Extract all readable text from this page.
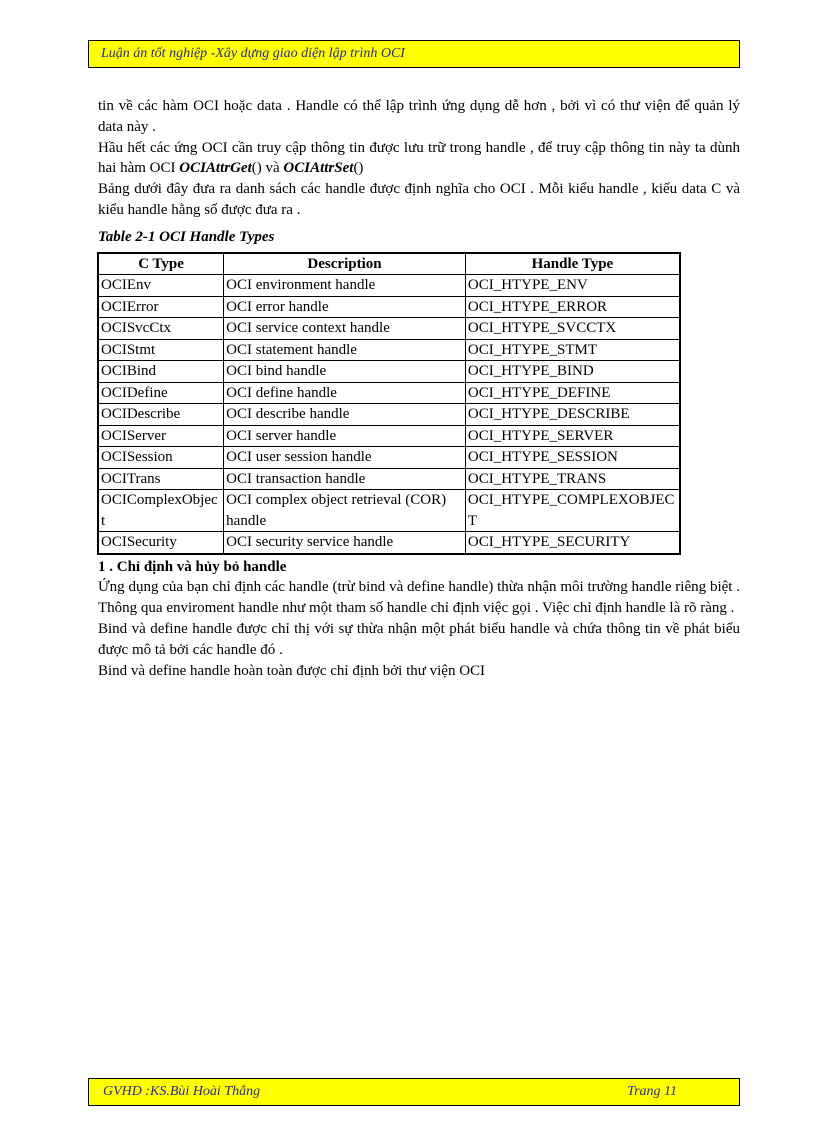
Luận án tốt nghiệp -Xây dựng giao diện lập trình OCI

tin về các hàm OCI hoặc data . Handle có thể lập trình ứng dụng dễ hơn , bởi vì có thư viện để quản lý data này .

Hầu hết các ứng OCI cần truy cập thông tin được lưu trữ trong handle , để truy cập thông tin này ta dùnh hai hàm OCI OCIAttrGet() và OCIAttrSet()

Bảng dưới đây đưa ra danh sách các handle được định nghĩa cho OCI . Mỗi kiểu handle , kiểu data C và kiểu handle hằng số được đưa ra .

Table 2-1 OCI Handle Types

C Type	Description	Handle Type
OCIEnv	OCI environment handle	OCI_HTYPE_ENV
OCIError	OCI error handle	OCI_HTYPE_ERROR
OCISvcCtx	OCI service context handle	OCI_HTYPE_SVCCTX
OCIStmt	OCI statement handle	OCI_HTYPE_STMT
OCIBind	OCI bind handle	OCI_HTYPE_BIND
OCIDefine	OCI define handle	OCI_HTYPE_DEFINE
OCIDescribe	OCI describe handle	OCI_HTYPE_DESCRIBE
OCIServer	OCI server handle	OCI_HTYPE_SERVER
OCISession	OCI user session handle	OCI_HTYPE_SESSION
OCITrans	OCI transaction handle	OCI_HTYPE_TRANS
OCIComplexObject	OCI complex object retrieval (COR) handle	OCI_HTYPE_COMPLEXOBJECT
OCISecurity	OCI security service handle	OCI_HTYPE_SECURITY

1 . Chỉ định và hủy bỏ handle

Ứng dụng của bạn chỉ định các handle (trừ bind và define handle) thừa nhận môi trường handle riêng biệt . Thông qua enviroment handle như một tham số handle chỉ định việc gọi . Việc chỉ định handle là rõ ràng .

Bind và define handle được chỉ thị với sự thừa nhận một phát biểu handle và chứa thông tin về phát biểu được mô tả bởi các handle đó .

Bind và define handle hoàn toàn được chỉ định bởi thư viện OCI

GVHD :KS.Bùi Hoài Thắng	Trang 11
